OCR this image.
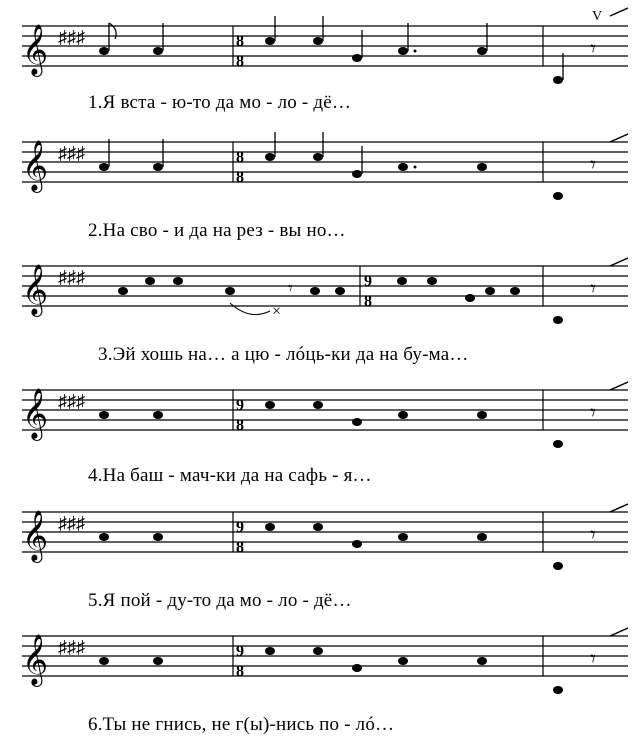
𝄞 ♯♯♯	8
8
𝄾
V
1.Я вста - ю-то да мо - ло - дё…
𝄞 ♯♯♯	8
8
𝄾
2.На сво - и да на рез - вы но…
𝄞 ♯♯♯
×
𝄾	9
8
𝄾
3.Эй хошь на… а цю - лóць-ки да на бу-ма…
𝄞 ♯♯♯	9
8
𝄾
4.На баш - мач-ки да на сафь - я…
𝄞 ♯♯♯	9
8
𝄾
5.Я пой - ду-то да мо - ло - дё…
𝄞 ♯♯♯	9
8
𝄾
6.Ты не гнись, не г(ы)-нись по - лó…
